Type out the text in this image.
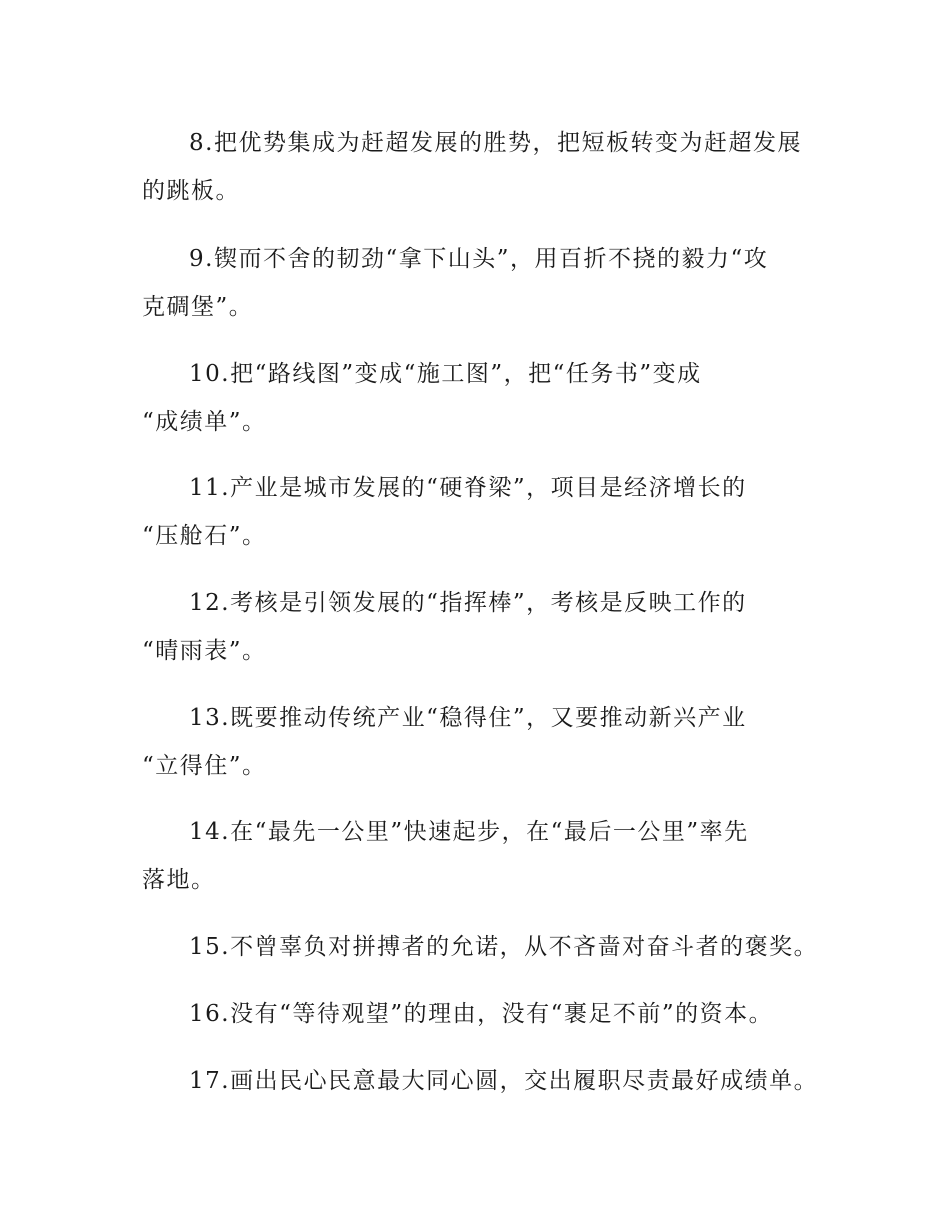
8.把优势集成为赶超发展的胜势，把短板转变为赶超发展
的跳板。
9.锲而不舍的韧劲“拿下山头”，用百折不挠的毅力“攻
克碉堡”。
10.把“路线图”变成“施工图”，把“任务书”变成
“成绩单”。
11.产业是城市发展的“硬脊梁”，项目是经济增长的
“压舱石”。
12.考核是引领发展的“指挥棒”，考核是反映工作的
“晴雨表”。
13.既要推动传统产业“稳得住”，又要推动新兴产业
“立得住”。
14.在“最先一公里”快速起步，在“最后一公里”率先
落地。
15.不曾辜负对拼搏者的允诺，从不吝啬对奋斗者的褒奖。
16.没有“等待观望”的理由，没有“裹足不前”的资本。
17.画出民心民意最大同心圆，交出履职尽责最好成绩单。
